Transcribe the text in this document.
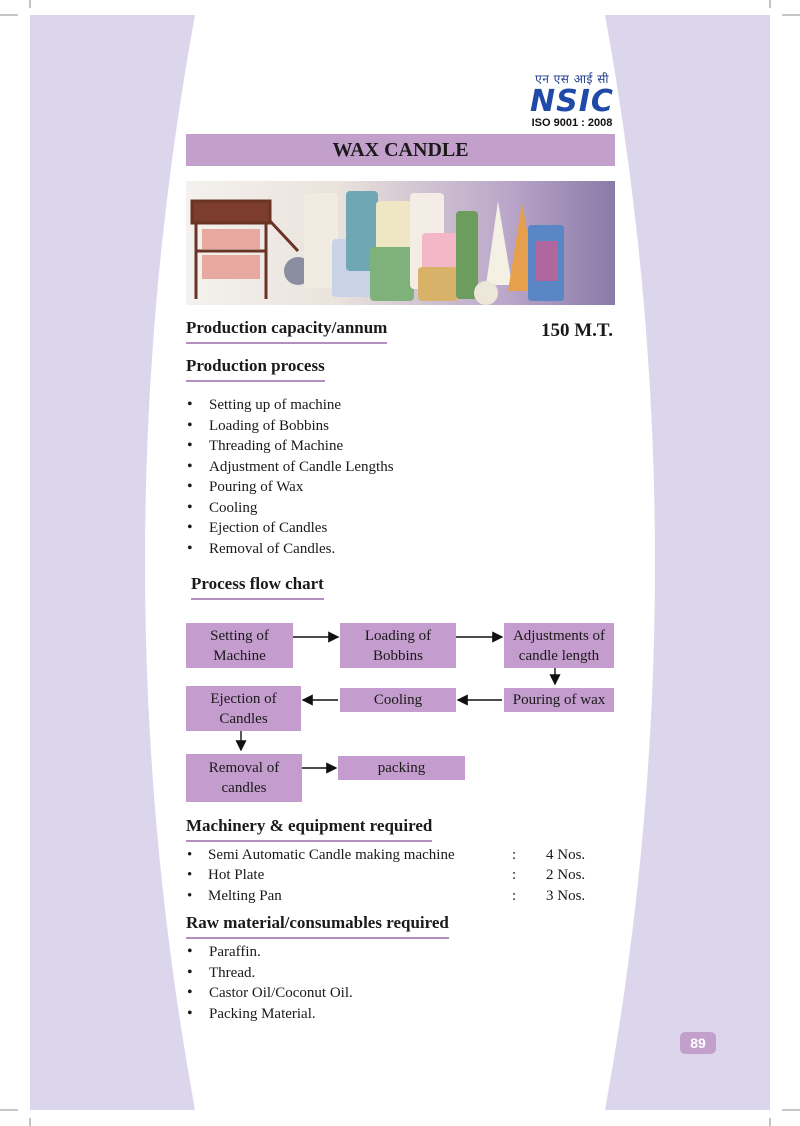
एन एस आई सी
NSIC
ISO 9001 : 2008
WAX CANDLE
Production capacity/annum	150 M.T.
Production process
• Setting up of machine
• Loading of Bobbins
• Threading of Machine
• Adjustment of Candle Lengths
• Pouring of Wax
• Cooling
• Ejection of Candles
• Removal of Candles.
Process flow chart
Setting of Machine
Loading of Bobbins
Adjustments of candle length
Pouring of wax
Cooling
Ejection of Candles
Removal of candles
packing
Machinery & equipment required
• Semi Automatic Candle making machine	: 4 Nos.
• Hot Plate	: 2 Nos.
• Melting Pan	: 3 Nos.
Raw material/consumables required
• Paraffin.
• Thread.
• Castor Oil/Coconut Oil.
• Packing Material.
89
